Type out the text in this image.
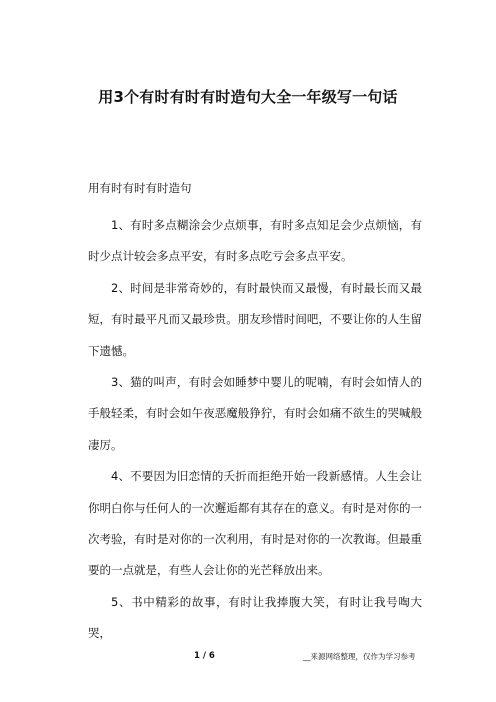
用3个有时有时有时造句大全一年级写一句话
用有时有时有时造句

1、有时多点糊涂会少点烦事，有时多点知足会少点烦恼，有时少点计较会多点平安，有时多点吃亏会多点平安。

2、时间是非常奇妙的，有时最快而又最慢，有时最长而又最短，有时最平凡而又最珍贵。朋友珍惜时间吧，不要让你的人生留下遗憾。

3、猫的叫声，有时会如睡梦中婴儿的呢喃，有时会如情人的手般轻柔，有时会如午夜恶魔般狰狞，有时会如痛不欲生的哭喊般凄厉。

4、不要因为旧恋情的夭折而拒绝开始一段新感情。人生会让你明白你与任何人的一次邂逅都有其存在的意义。有时是对你的一次考验，有时是对你的一次利用，有时是对你的一次教诲。但最重要的一点就是，有些人会让你的光芒释放出来。

5、书中精彩的故事，有时让我捧腹大笑，有时让我号啕大哭，

1 / 6	__来源网络整理，仅作为学习参考
